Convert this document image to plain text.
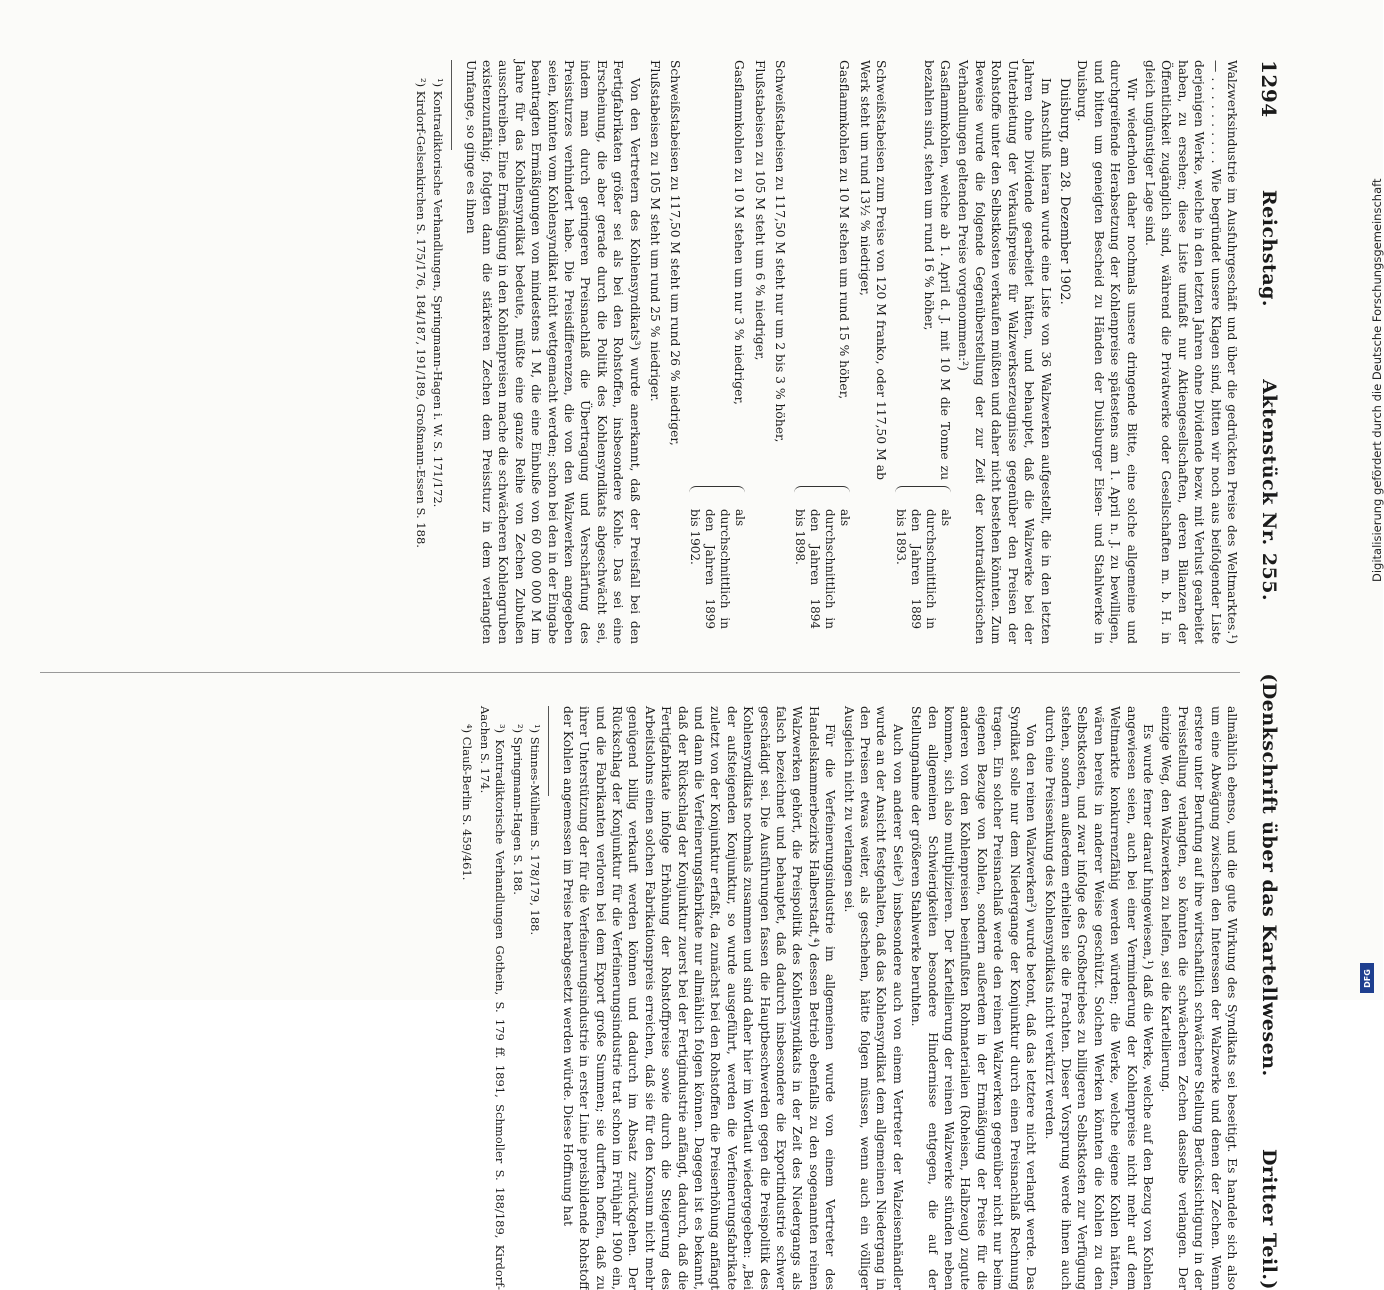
1294
Reichstag.
Aktenstück Nr. 255.
(Denkschrift über das Kartellwesen.
Dritter Teil.)

Walzwerksindustrie im Ausfuhrgeschäft und über die gedrückten Preise des Weltmarktes.¹) — . . . . . . . . . . Wie begründet unsere Klagen sind, bitten wir noch aus beifolgender Liste derjenigen Werke, welche in den letzten Jahren ohne Dividende bezw. mit Verlust gearbeitet haben, zu ersehen; diese Liste umfaßt nur Aktiengesellschaften, deren Bilanzen der Öffentlichkeit zugänglich sind, während die Privatwerke oder Gesellschaften m. b. H. in gleich ungünstiger Lage sind.

Wir wiederholen daher nochmals unsere dringende Bitte, eine solche allgemeine und durchgreifende Herabsetzung der Kohlenpreise spätestens am 1. April n. J. zu bewilligen, und bitten um geneigten Bescheid zu Händen der Duisburger Eisen- und Stahlwerke in Duisburg.

Duisburg, am 28. Dezember 1902.

Im Anschluß hieran wurde eine Liste von 36 Walzwerken aufgestellt, die in den letzten Jahren ohne Dividende gearbeitet hätten, und behauptet, daß die Walzwerke bei der Unterbietung der Verkaufspreise für Walzwerkserzeugnisse gegenüber den Preisen der Rohstoffe unter den Selbstkosten verkaufen müßten und daher nicht bestehen könnten. Zum Beweise wurde die folgende Gegenüberstellung der zur Zeit der kontradiktorischen Verhandlungen geltenden Preise vorgenommen:²)

Gasflammkohlen, welche ab 1. April d. J. mit 10 M die Tonne zu bezahlen sind, stehen um rund 16 % höher,
als durchschnittlich in den Jahren 1889 bis 1893.
Schweißstabeisen zum Preise von 120 M franko, oder 117,50 M ab Werk steht um rund 13½ % niedriger,
Gasflammkohlen zu 10 M stehen um rund 15 % höher,
als durchschnittlich in den Jahren 1894 bis 1898.
Schweißstabeisen zu 117,50 M steht nur um 2 bis 3 % höher,
Flußstabeisen zu 105 M steht um 6 % niedriger,
Gasflammkohlen zu 10 M stehen um nur 3 % niedriger,
als durchschnittlich in den Jahren 1899 bis 1902.
Schweißstabeisen zu 117,50 M steht um rund 26 % niedriger,
Flußstabeisen zu 105 M steht um rund 25 % niedriger.

Von den Vertretern des Kohlensyndikats³) wurde anerkannt, daß der Preisfall bei den Fertigfabrikaten größer sei als bei den Rohstoffen, insbesondere Kohle. Das sei eine Erscheinung, die aber gerade durch die Politik des Kohlensyndikats abgeschwächt sei, indem man durch geringeren Preisnachlaß die Übertragung und Verschärfung des Preissturzes verhindert habe. Die Preisdifferenzen, die von den Walzwerken angegeben seien, könnten vom Kohlensyndikat nicht wettgemacht werden; schon bei den in der Eingabe beantragten Ermäßigungen von mindestens 1 M, die eine Einbuße von 60 000 000 M im Jahre für das Kohlensyndikat bedeute, müßte eine ganze Reihe von Zechen Zubußen ausschreiben. Eine Ermäßigung in den Kohlenpreisen mache die schwächeren Kohlengruben existenzunfähig; folgten dann die stärkeren Zechen dem Preissturz in dem verlangten Umfange, so ginge es ihnen

¹) Kontradiktorische Verhandlungen, Springmann-Hagen i. W. S. 171/172.

²) Kirdorf-Gelsenkirchen S. 175/176, 184/187, 191/189, Großmann-Essen S. 188.

allmählich ebenso, und die gute Wirkung des Syndikats sei beseitigt. Es handele sich also um eine Abwägung zwischen den Interessen der Walzwerke und denen der Zechen. Wenn erstere unter Berufung auf ihre wirtschaftlich schwächere Stellung Berücksichtigung in der Preisstellung verlangten, so könnten die schwächeren Zechen dasselbe verlangen. Der einzige Weg, den Walzwerken zu helfen, sei die Kartellierung.

Es wurde ferner darauf hingewiesen,¹) daß die Werke, welche auf den Bezug von Kohlen angewiesen seien, auch bei einer Verminderung der Kohlenpreise nicht mehr auf dem Weltmarkte konkurrenzfähig werden würden; die Werke, welche eigene Kohlen hätten, wären bereits in anderer Weise geschützt. Solchen Werken könnten die Kohlen zu den Selbstkosten, und zwar infolge des Großbetriebes zu billigeren Selbstkosten zur Verfügung stehen, sondern außerdem erhielten sie die Frachten. Dieser Vorsprung werde ihnen auch durch eine Preissenkung des Kohlensyndikats nicht verkürzt werden.

Von den reinen Walzwerken²) wurde betont, daß das letztere nicht verlangt werde. Das Syndikat solle nur dem Niedergange der Konjunktur durch einen Preisnachlaß Rechnung tragen. Ein solcher Preisnachlaß werde den reinen Walzwerken gegenüber nicht nur beim eigenen Bezuge von Kohlen, sondern außerdem in der Ermäßigung der Preise für die anderen von den Kohlenpreisen beeinflußten Rohmaterialien (Roheisen, Halbzeug) zugute kommen, sich also multiplizieren. Der Kartellierung der reinen Walzwerke stünden neben den allgemeinen Schwierigkeiten besondere Hindernisse entgegen, die auf der Stellungnahme der größeren Stahlwerke beruhten.

Auch von anderer Seite³) insbesondere auch von einem Vertreter der Walzeisenhändler wurde an der Ansicht festgehalten, daß das Kohlensyndikat dem allgemeinen Niedergang in den Preisen etwas weiter, als geschehen, hätte folgen müssen, wenn auch ein völliger Ausgleich nicht zu verlangen sei.

Für die Verfeinerungsindustrie im allgemeinen wurde von einem Vertreter des Handelskammerbezirks Halberstadt,⁴) dessen Betrieb ebenfalls zu den sogenannten reinen Walzwerken gehört, die Preispolitik des Kohlensyndikats in der Zeit des Niedergangs als falsch bezeichnet und behauptet, daß dadurch insbesondere die Exportindustrie schwer geschädigt sei. Die Ausführungen fassen die Hauptbeschwerden gegen die Preispolitik des Kohlensyndikats nochmals zusammen und sind daher hier im Wortlaut wiedergegeben: „Bei der aufsteigenden Konjunktur, so wurde ausgeführt, werden die Verfeinerungsfabrikate zuletzt von der Konjunktur erfaßt, da zunächst bei den Rohstoffen die Preiserhöhung anfängt und dann die Verfeinerungsfabrikate nur allmählich folgen können. Dagegen ist es bekannt, daß der Rückschlag der Konjunktur zuerst bei der Fertigindustrie anfängt, dadurch, daß die Fertigfabrikate infolge Erhöhung der Rohstoffpreise sowie durch die Steigerung des Arbeitslohns einen solchen Fabrikationspreis erreichen, daß sie für den Konsum nicht mehr genügend billig verkauft werden können und dadurch im Absatz zurückgehen. Der Rückschlag der Konjunktur für die Verfeinerungsindustrie trat schon im Frühjahr 1900 ein, und die Fabrikanten verloren bei dem Export große Summen; sie durften hoffen, daß zu ihrer Unterstützung der für die Verfeinerungsindustrie in erster Linie preisbildende Rohstoff der Kohlen angemessen im Preise herabgesetzt werden würde. Diese Hoffnung hat

¹) Stinnes-Mülheim S. 178/179, 188.

²) Springmann-Hagen S. 188.

³) Kontradiktorische Verhandlungen Gothein, S. 179 ff. 1891, Schmoller S. 188/189, Kirdorf-Aachen S. 174.

⁴) Clauß-Berlin S. 459/461.

Digitalisierung gefördert durch die Deutsche Forschungsgemeinschaft
DFG
